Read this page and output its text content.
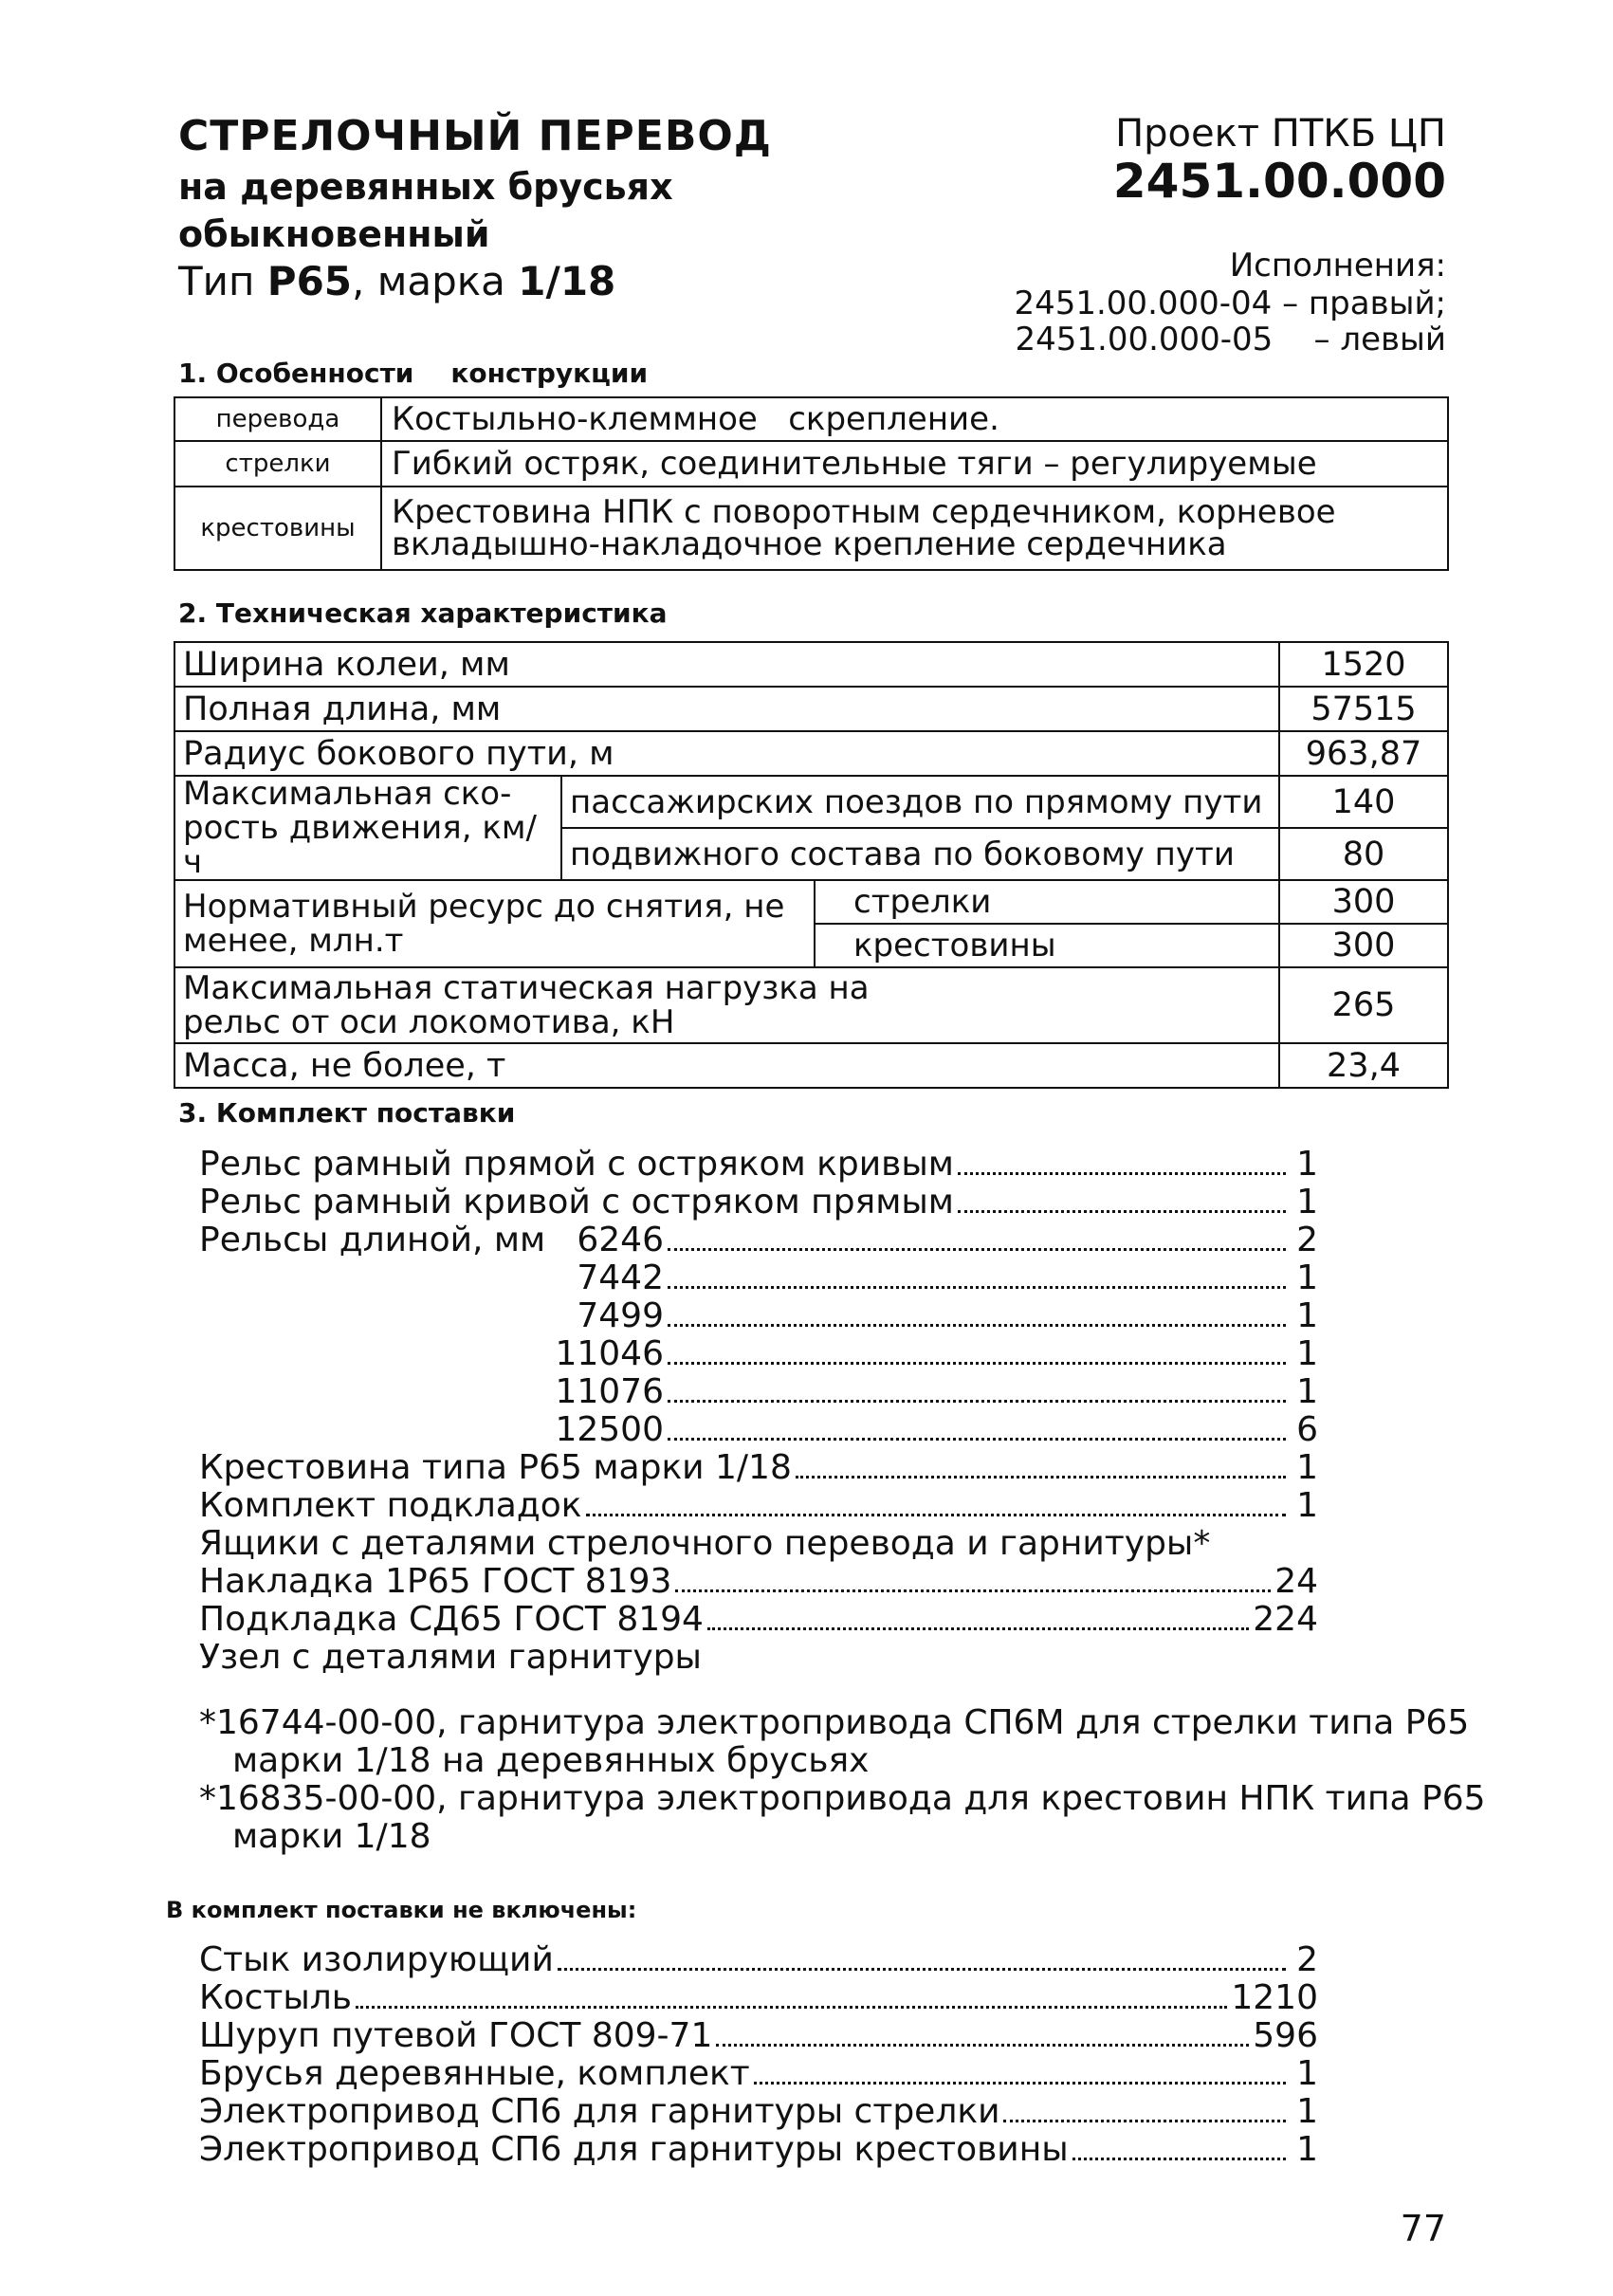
СТРЕЛОЧНЫЙ ПЕРЕВОД
на деревянных брусьях
обыкновенный
Тип Р65, марка 1/18
Проект ПТКБ ЦП
2451.00.000
Исполнения:
2451.00.000-04 – правый;
2451.00.000-05    – левый
1. Особенности    конструкции
перевода	Костыльно-клеммное   скрепление.
стрелки	Гибкий остряк, соединительные тяги – регулируемые
крестовины	Крестовина НПК с поворотным сердечником, корневое вкладышно-накладочное крепление сердечника
2. Техническая характеристика
Ширина колеи, мм			1520
Полная длина, мм			57515
Радиус бокового пути, м			963,87
Максимальная ско- рость движения, км/ч	пассажирских поездов по прямому пути		140
	подвижного состава по боковому пути		80
Нормативный ресурс до снятия, не менее, млн.т		стрелки	300
		крестовины	300
Максимальная статическая нагрузка на рельс от оси локомотива, кН			265
Масса, не более, т			23,4
3. Комплект поставки
Рельс рамный прямой с остряком кривым	1
Рельс рамный кривой с остряком прямым	1
Рельсы длиной, мм 6246	2
7442	1
7499	1
11046	1
11076	1
12500	6
Крестовина типа Р65 марки 1/18	1
Комплект подкладок	1
Ящики с деталями стрелочного перевода и гарнитуры*
Накладка 1Р65 ГОСТ 8193	24
Подкладка СД65 ГОСТ 8194	224
Узел с деталями гарнитуры
*16744-00-00, гарнитура электропривода СП6М для стрелки типа Р65
марки 1/18 на деревянных брусьях
*16835-00-00, гарнитура электропривода для крестовин НПК типа Р65
марки 1/18
В комплект поставки не включены:
Стык изолирующий	2
Костыль	1210
Шуруп путевой ГОСТ 809-71	596
Брусья деревянные, комплект	1
Электропривод СП6 для гарнитуры стрелки	1
Электропривод СП6 для гарнитуры крестовины	1
77
